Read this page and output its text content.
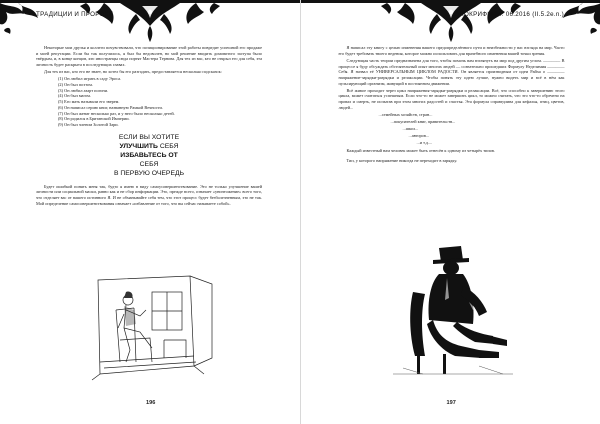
ТРАДИЦИИ И ПРОРОКИ

Некоторые мои друзья и коллеги почувствовали, что позиционирование этой работы повредит успешной его продаже и моей репутации. Если бы так получилось, я был бы недоволен, но мой решение вводить домовитого заступа было твёрдым, и, в конце концов, кто иностранцы сюда портят Мастера Тернова. Для тех из вас, кто не открыл его для себя, эта личность будет раскрыта в последующих главах.

Для тех из вас, кто его не знает, но хотел бы его разгадать, предоставляется несколько подсказок:

(1) Он любил играть в саду Эроса.
(2) Он был поэтом.
(3) Он любил азарт погони.
(4) Он был магом.
(5) Его мать называли его зверем.
(6) Он написал серию книг, названную Рамкой Вечности.
(7) Он был женат несколько раз, и у него было несколько детей.
(8) Он родился в Британской Империи.
(9) Он был членом Золотой Зари.
ЕСЛИ ВЫ ХОТИТЕ
УЛУЧШИТЬ СЕБЯ
ИЗБАВЬТЕСЬ ОТ
СЕБЯ
В ПЕРВУЮ ОЧЕРЕДЬ

Будет ошибкой понять меня так, будто я имею в виду самоусовершенствование. Это не только улучшение вашей личности или социальной маски, равно как и не сбор информации. Это, прежде всего, означает «уничтожение» всего того, что отделяет вас от вашего истинного Я. И не обманывайте себя тем, что этот процесс будет безболезненным, это не так. Мой определение самосовершенствования означает «избавление от того, что вы сейчас называете собой».

196
АПОКРИФ№04: 06.2016 (II.5.2e.n.)

Я написал эту книгу с целью изменения вашего предопределённого пути и неизбежности у вас взгляда на мир. Часто его будет требовать твоего ведения, которое можно использовать для врачебного изменения вашей точки зрения.

Следующая часть теории предназначена для того, чтобы помочь вам взглянуть на мир под другим углом. ———— В процессе я буду обсуждать обстоятельный опыт многих людей — сознательно прошедших Формулу Неделимия ———— Себя. Я назвал её УНИВЕРСАЛЬНЫМ ЦИКЛОМ РАДОСТИ. Он является производным от идеи Райха о ———— напряжение-зарядки-разрядки и релаксации. Чтобы понять эту идею лучше, нужно видеть мир и всё в нём как пульсирующий организм, живущий в постоянном движении.

Всё живое проходит через цикл напряжения-зарядки-разрядки и релаксации. Всё, что способно к завершению этого цикла, может считаться успешным. Если что-то не может завершить цикл, то можно считать, что это что-то обречено на провал и смерть, не испытав при этом многих радостей и счастья. Эта формула справедлива для кефалья, птиц, цветов, людей...

...семейных хозяйств, стран...

...покупателей книг, правительств...

...школ...

...авторов...

...и т.д....

Каждый известный нам человек может быть отнесён к одному из четырёх типов.

Тип, у которого напряжение никогда не переходит в зарядку.

197
